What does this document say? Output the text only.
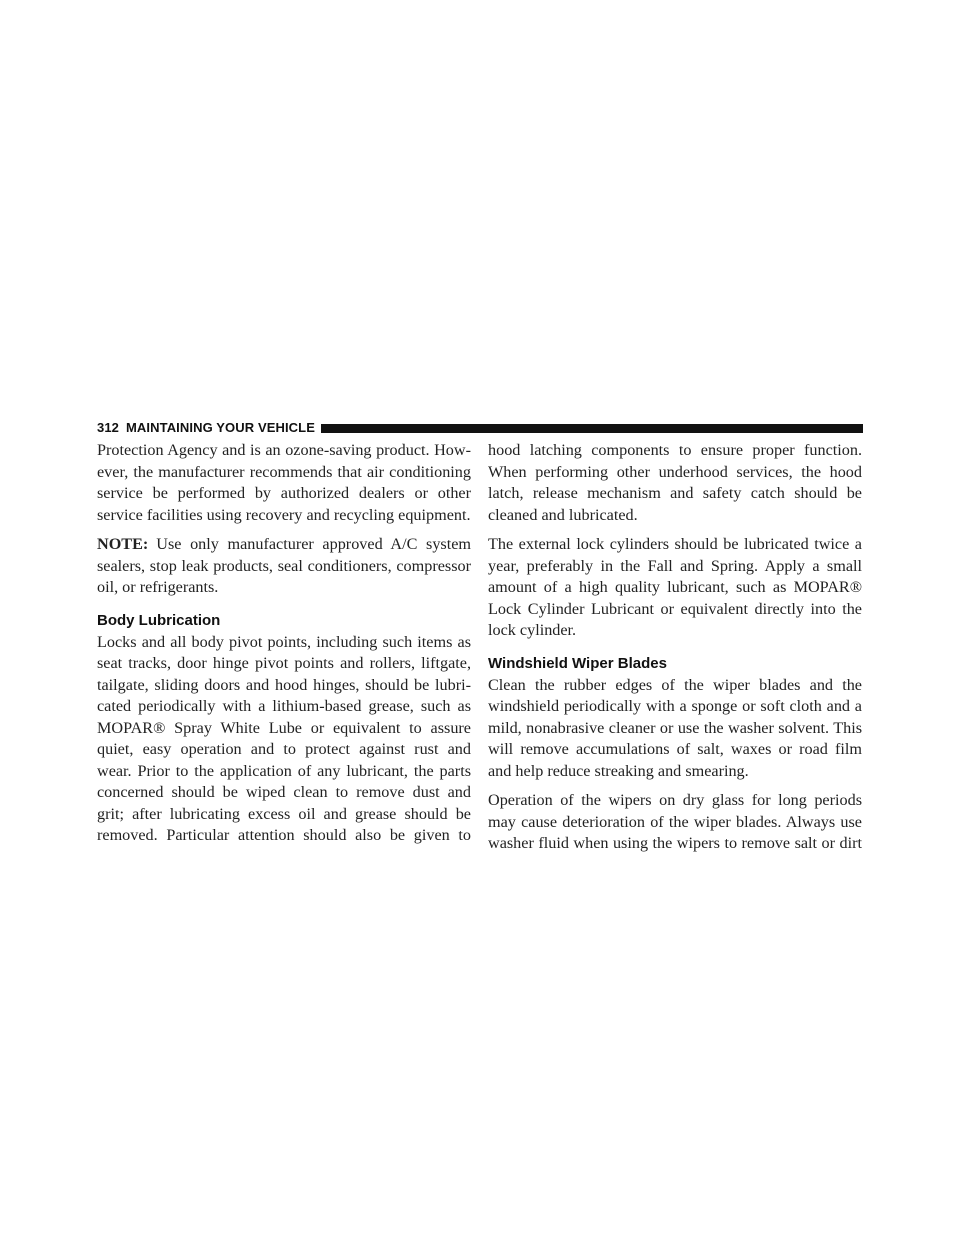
312 MAINTAINING YOUR VEHICLE

Protection Agency and is an ozone-saving product. How-
ever, the manufacturer recommends that air conditioning
service be performed by authorized dealers or other
service facilities using recovery and recycling equipment.

NOTE: Use only manufacturer approved A/C system
sealers, stop leak products, seal conditioners, compressor
oil, or refrigerants.

Body Lubrication

Locks and all body pivot points, including such items as
seat tracks, door hinge pivot points and rollers, liftgate,
tailgate, sliding doors and hood hinges, should be lubri-
cated periodically with a lithium-based grease, such as
MOPAR® Spray White Lube or equivalent to assure
quiet, easy operation and to protect against rust and
wear. Prior to the application of any lubricant, the parts
concerned should be wiped clean to remove dust and
grit; after lubricating excess oil and grease should be
removed. Particular attention should also be given to

hood latching components to ensure proper function.
When performing other underhood services, the hood
latch, release mechanism and safety catch should be
cleaned and lubricated.

The external lock cylinders should be lubricated twice a
year, preferably in the Fall and Spring. Apply a small
amount of a high quality lubricant, such as MOPAR®
Lock Cylinder Lubricant or equivalent directly into the
lock cylinder.

Windshield Wiper Blades

Clean the rubber edges of the wiper blades and the
windshield periodically with a sponge or soft cloth and a
mild, nonabrasive cleaner or use the washer solvent. This
will remove accumulations of salt, waxes or road film
and help reduce streaking and smearing.

Operation of the wipers on dry glass for long periods
may cause deterioration of the wiper blades. Always use
washer fluid when using the wipers to remove salt or dirt
